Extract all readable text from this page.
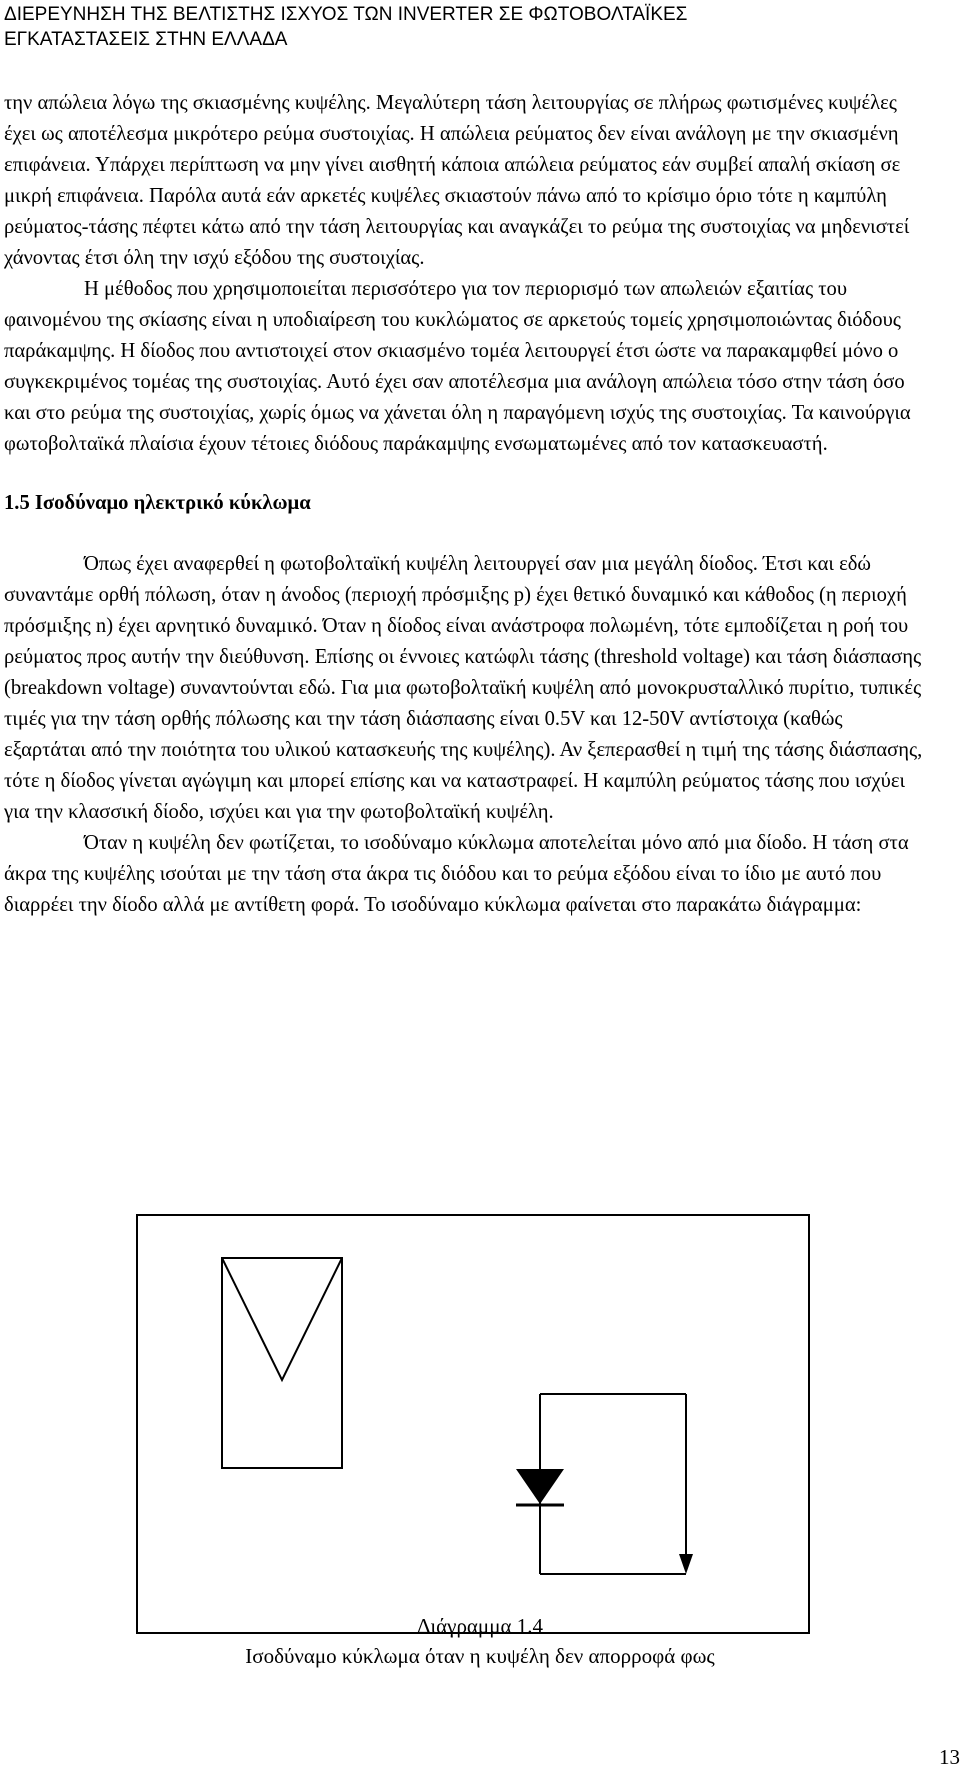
ΔΙΕΡΕΥΝΗΣΗ ΤΗΣ ΒΕΛΤΙΣΤΗΣ ΙΣΧΥΟΣ ΤΩΝ INVERTER ΣΕ ΦΩΤΟΒΟΛΤΑΪΚΕΣ
ΕΓΚΑΤΑΣΤΑΣΕΙΣ ΣΤΗΝ ΕΛΛΑΔΑ

την απώλεια λόγω της σκιασμένης κυψέλης. Μεγαλύτερη τάση λειτουργίας σε πλήρως φωτισμένες κυψέλες έχει ως αποτέλεσμα μικρότερο ρεύμα συστοιχίας. Η απώλεια ρεύματος δεν είναι ανάλογη με την σκιασμένη επιφάνεια. Υπάρχει περίπτωση να μην γίνει αισθητή κάποια απώλεια ρεύματος εάν συμβεί απαλή σκίαση σε μικρή επιφάνεια. Παρόλα αυτά εάν αρκετές κυψέλες σκιαστούν πάνω από το κρίσιμο όριο τότε η καμπύλη ρεύματος-τάσης πέφτει κάτω από την τάση λειτουργίας και αναγκάζει το ρεύμα της συστοιχίας να μηδενιστεί χάνοντας έτσι όλη την ισχύ εξόδου της συστοιχίας.

Η μέθοδος που χρησιμοποιείται περισσότερο για τον περιορισμό των απωλειών εξαιτίας του φαινομένου της σκίασης είναι η υποδιαίρεση του κυκλώματος σε αρκετούς τομείς χρησιμοποιώντας διόδους παράκαμψης. Η δίοδος που αντιστοιχεί στον σκιασμένο τομέα λειτουργεί έτσι ώστε να παρακαμφθεί μόνο ο συγκεκριμένος τομέας της συστοιχίας. Αυτό έχει σαν αποτέλεσμα μια ανάλογη απώλεια τόσο στην τάση όσο και στο ρεύμα της συστοιχίας, χωρίς όμως να χάνεται όλη η παραγόμενη ισχύς της συστοιχίας. Τα καινούργια φωτοβολταϊκά πλαίσια έχουν τέτοιες διόδους παράκαμψης ενσωματωμένες από τον κατασκευαστή.

1.5 Ισοδύναμο ηλεκτρικό κύκλωμα

Όπως έχει αναφερθεί η φωτοβολταϊκή κυψέλη λειτουργεί σαν μια μεγάλη δίοδος. Έτσι και εδώ συναντάμε ορθή πόλωση, όταν η άνοδος (περιοχή πρόσμιξης p) έχει θετικό δυναμικό και κάθοδος (η περιοχή πρόσμιξης n) έχει αρνητικό δυναμικό. Όταν η δίοδος είναι ανάστροφα πολωμένη, τότε εμποδίζεται η ροή του ρεύματος προς αυτήν την διεύθυνση. Επίσης οι έννοιες κατώφλι τάσης (threshold voltage) και τάση διάσπασης (breakdown voltage) συναντούνται εδώ. Για μια φωτοβολταϊκή κυψέλη από μονοκρυσταλλικό πυρίτιο, τυπικές τιμές για την τάση ορθής πόλωσης και την τάση διάσπασης είναι 0.5V και 12-50V αντίστοιχα (καθώς εξαρτάται από την ποιότητα του υλικού κατασκευής της κυψέλης). Αν ξεπερασθεί η τιμή της τάσης διάσπασης, τότε η δίοδος γίνεται αγώγιμη και μπορεί επίσης και να καταστραφεί. Η καμπύλη ρεύματος τάσης που ισχύει για την κλασσική δίοδο, ισχύει και για την φωτοβολταϊκή κυψέλη.

Όταν η κυψέλη δεν φωτίζεται, το ισοδύναμο κύκλωμα αποτελείται μόνο από μια δίοδο. Η τάση στα άκρα της κυψέλης ισούται με την τάση στα άκρα τις διόδου και το ρεύμα εξόδου είναι το ίδιο με αυτό που διαρρέει την δίοδο αλλά με αντίθετη φορά. Το ισοδύναμο κύκλωμα φαίνεται στο παρακάτω διάγραμμα:

Διάγραμμα 1.4
Ισοδύναμο κύκλωμα όταν η κυψέλη δεν απορροφά φως
13
